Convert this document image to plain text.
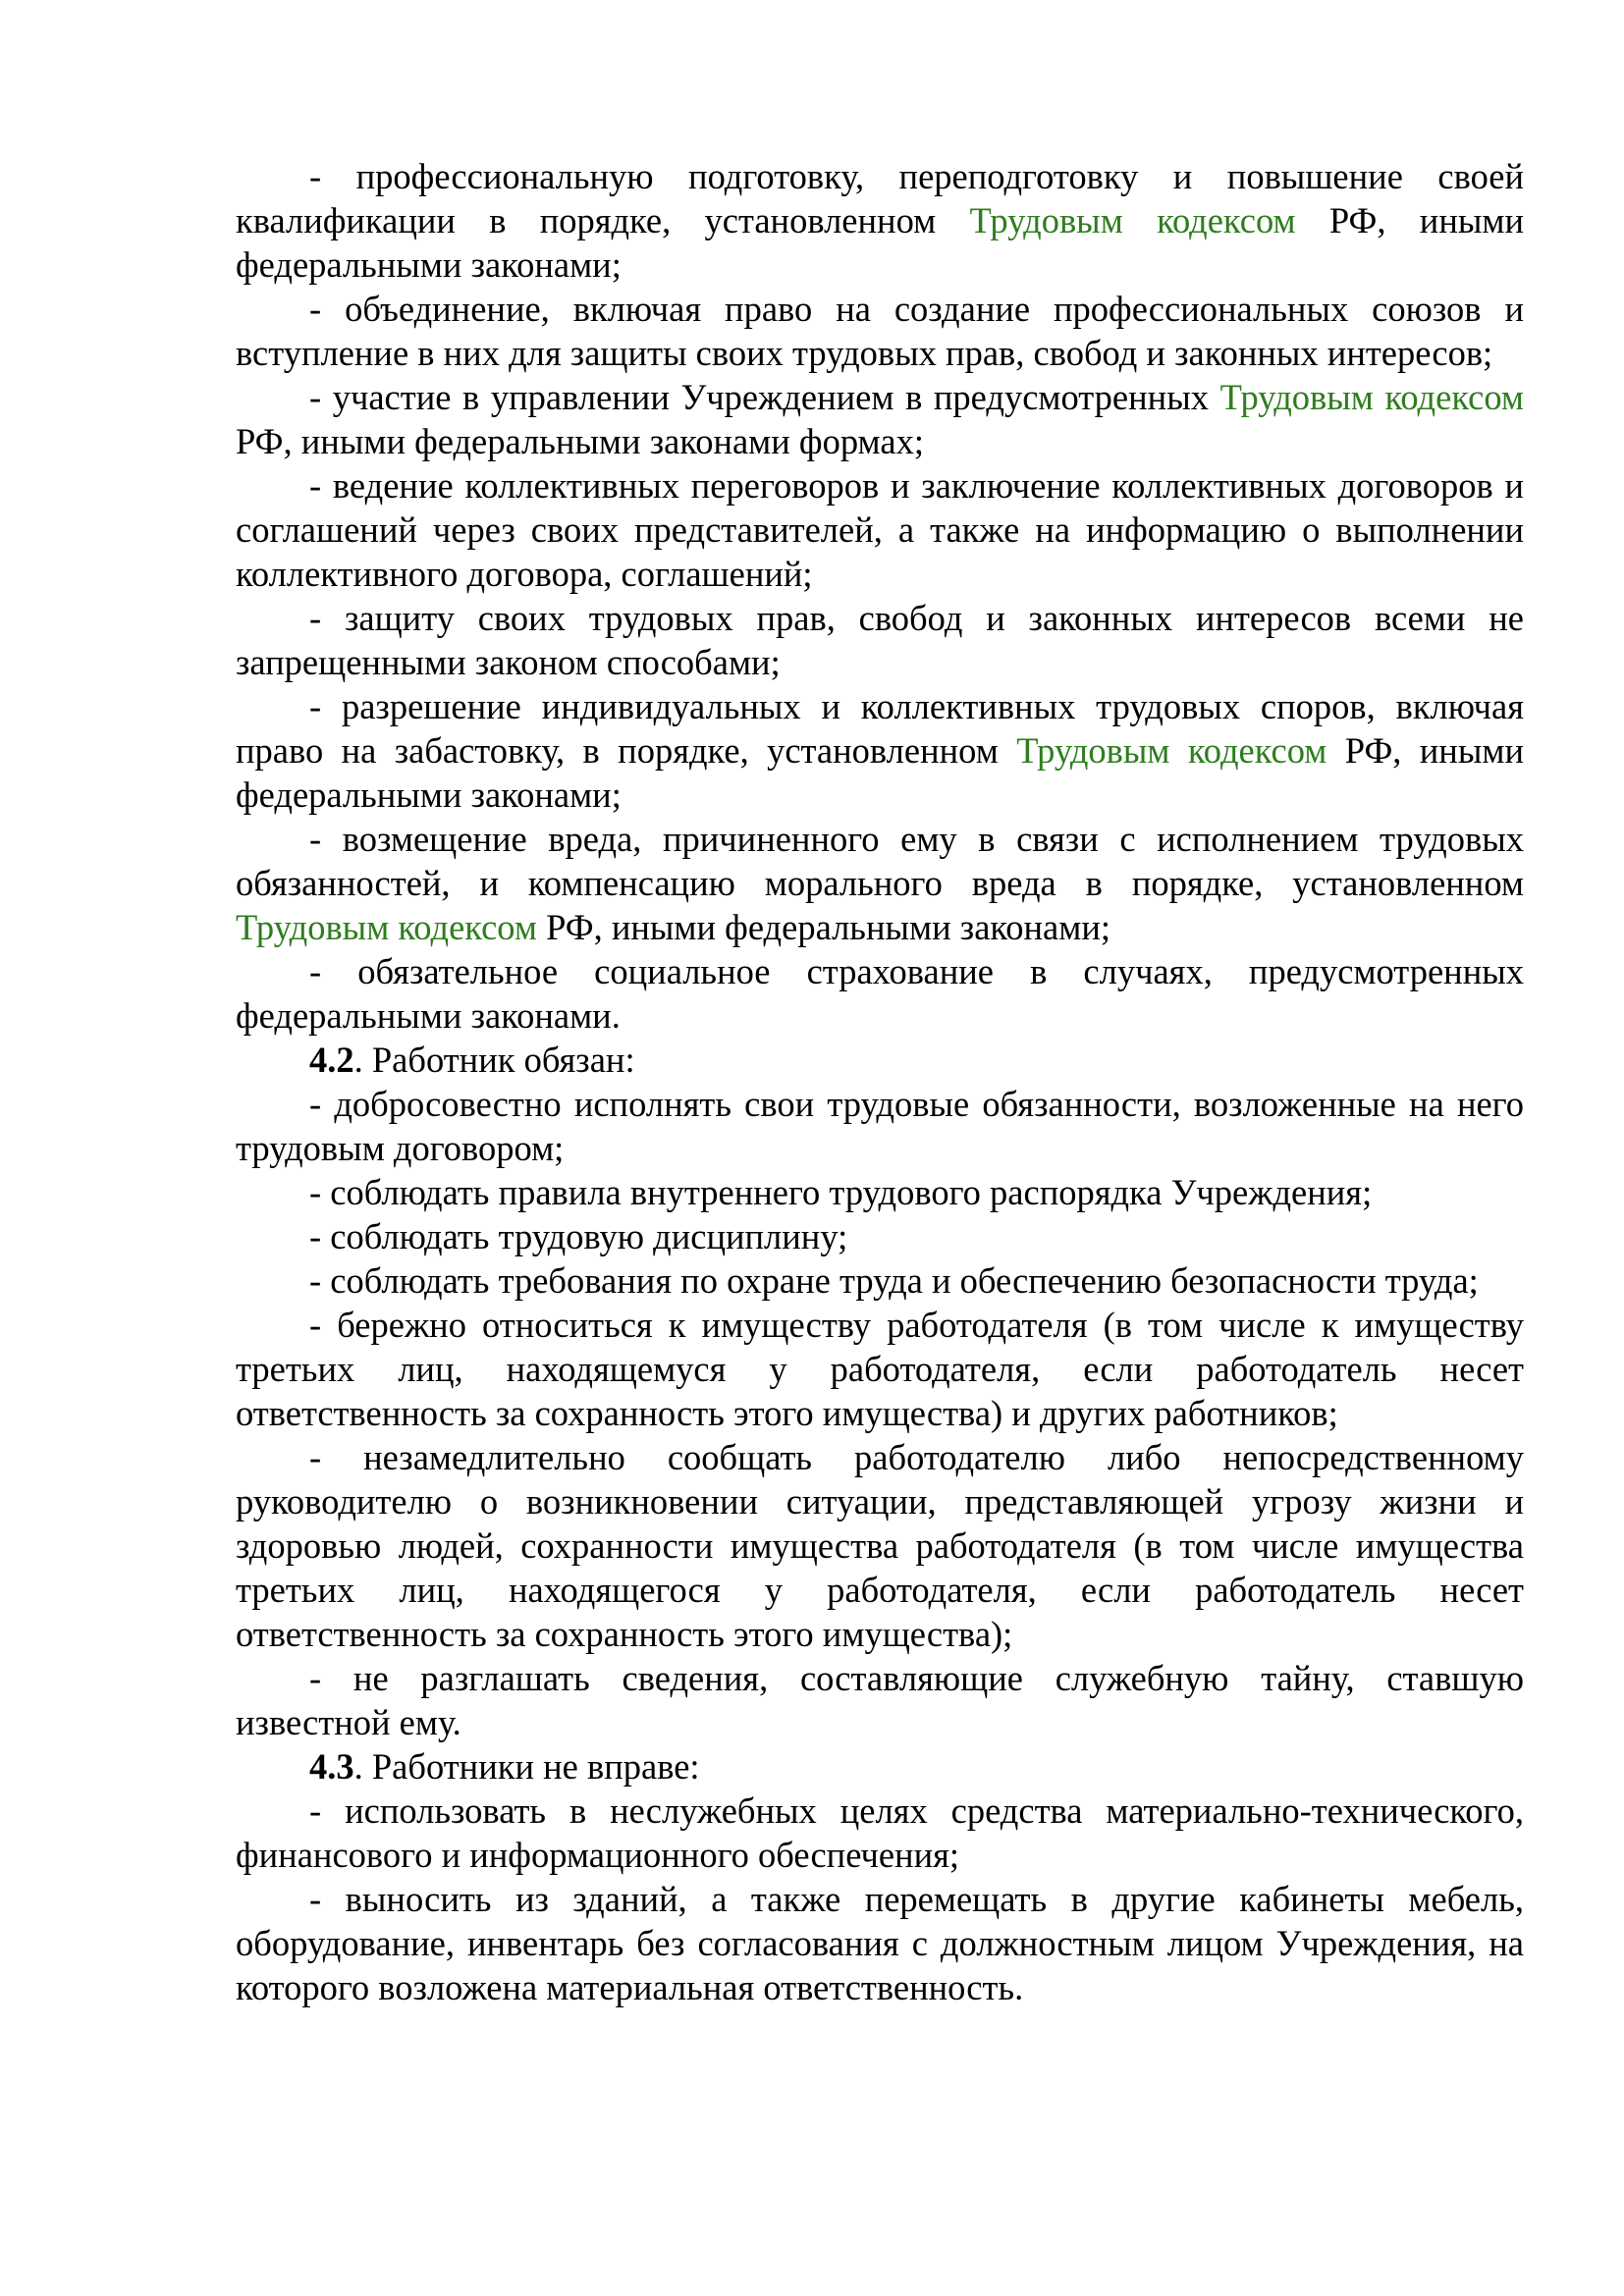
- профессиональную подготовку, переподготовку и повышение своей квалификации в порядке, установленном Трудовым кодексом РФ, иными федеральными законами;

- объединение, включая право на создание профессиональных союзов и вступление в них для защиты своих трудовых прав, свобод и законных интересов;

- участие в управлении Учреждением в предусмотренных Трудовым кодексом РФ, иными федеральными законами формах;

- ведение коллективных переговоров и заключение коллективных договоров и соглашений через своих представителей, а также на информацию о выполнении коллективного договора, соглашений;

- защиту своих трудовых прав, свобод и законных интересов всеми не запрещенными законом способами;

- разрешение индивидуальных и коллективных трудовых споров, включая право на забастовку, в порядке, установленном Трудовым кодексом РФ, иными федеральными законами;

- возмещение вреда, причиненного ему в связи с исполнением трудовых обязанностей, и компенсацию морального вреда в порядке, установленном Трудовым кодексом РФ, иными федеральными законами;

- обязательное социальное страхование в случаях, предусмотренных федеральными законами.

4.2. Работник обязан:

- добросовестно исполнять свои трудовые обязанности, возложенные на него трудовым договором;

- соблюдать правила внутреннего трудового распорядка Учреждения;

- соблюдать трудовую дисциплину;

- соблюдать требования по охране труда и обеспечению безопасности труда;

- бережно относиться к имуществу работодателя (в том числе к имуществу третьих лиц, находящемуся у работодателя, если работодатель несет ответственность за сохранность этого имущества) и других работников;

- незамедлительно сообщать работодателю либо непосредственному руководителю о возникновении ситуации, представляющей угрозу жизни и здоровью людей, сохранности имущества работодателя (в том числе имущества третьих лиц, находящегося у работодателя, если работодатель несет ответственность за сохранность этого имущества);

- не разглашать сведения, составляющие служебную тайну, ставшую известной ему.

4.3. Работники не вправе:

- использовать в неслужебных целях средства материально-технического, финансового и информационного обеспечения;

- выносить из зданий, а также перемещать в другие кабинеты мебель, оборудование, инвентарь без согласования с должностным лицом Учреждения, на которого возложена материальная ответственность.
